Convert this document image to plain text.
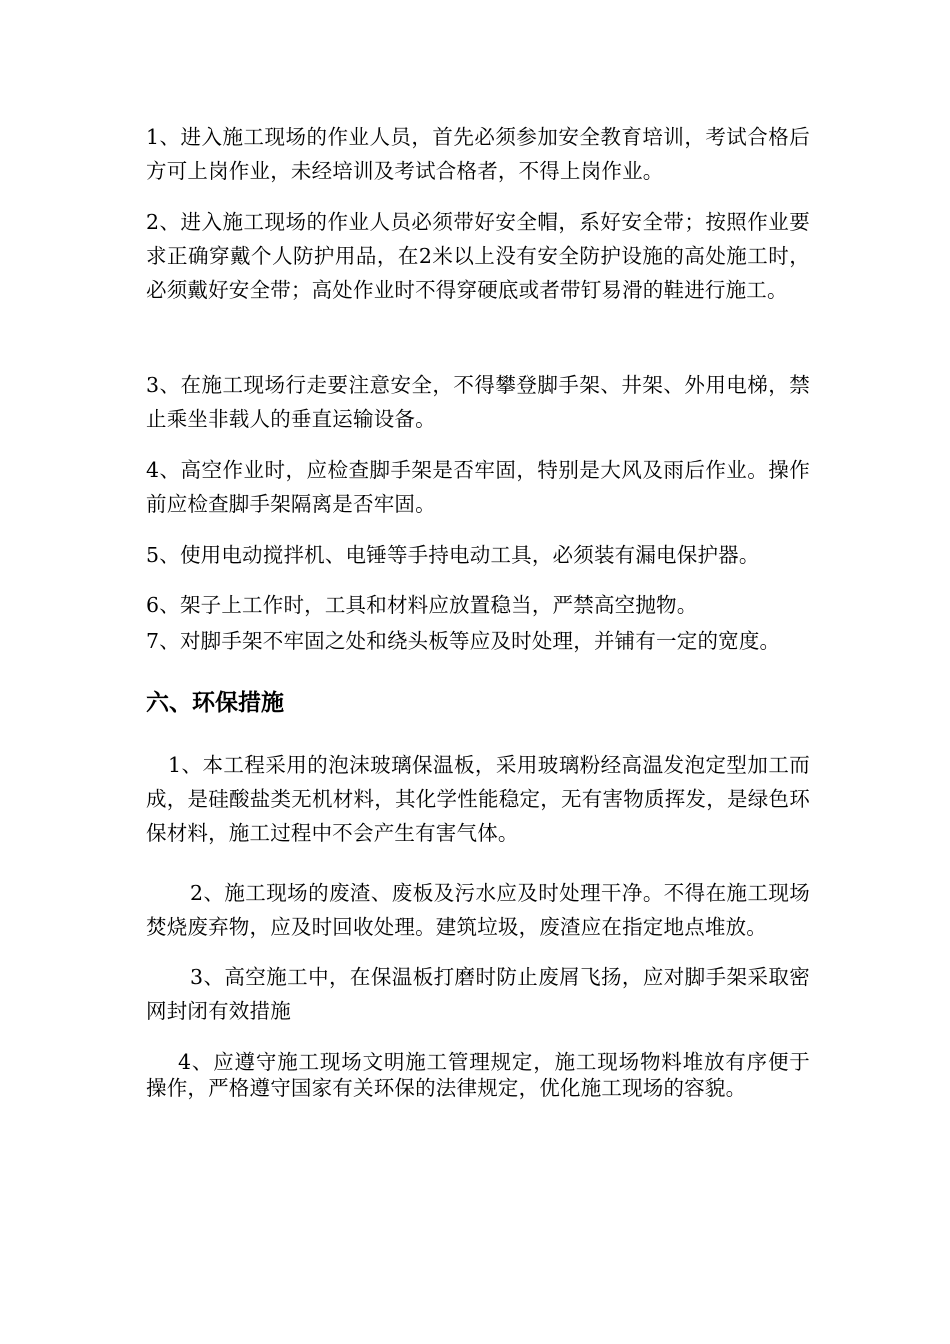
1、进入施工现场的作业人员，首先必须参加安全教育培训，考试合格后方可上岗作业，未经培训及考试合格者，不得上岗作业。

2、进入施工现场的作业人员必须带好安全帽，系好安全带；按照作业要求正确穿戴个人防护用品，在2米以上没有安全防护设施的高处施工时，必须戴好安全带；高处作业时不得穿硬底或者带钉易滑的鞋进行施工。

3、在施工现场行走要注意安全，不得攀登脚手架、井架、外用电梯，禁止乘坐非载人的垂直运输设备。

4、高空作业时，应检查脚手架是否牢固，特别是大风及雨后作业。操作前应检查脚手架隔离是否牢固。

5、使用电动搅拌机、电锤等手持电动工具，必须装有漏电保护器。

6、架子上工作时，工具和材料应放置稳当，严禁高空抛物。

7、对脚手架不牢固之处和绕头板等应及时处理，并铺有一定的宽度。

六、环保措施

1、本工程采用的泡沫玻璃保温板，采用玻璃粉经高温发泡定型加工而成，是硅酸盐类无机材料，其化学性能稳定，无有害物质挥发，是绿色环保材料，施工过程中不会产生有害气体。

2、施工现场的废渣、废板及污水应及时处理干净。不得在施工现场焚烧废弃物，应及时回收处理。建筑垃圾，废渣应在指定地点堆放。

3、高空施工中，在保温板打磨时防止废屑飞扬，应对脚手架采取密网封闭有效措施

4、应遵守施工现场文明施工管理规定，施工现场物料堆放有序便于操作，严格遵守国家有关环保的法律规定，优化施工现场的容貌。
